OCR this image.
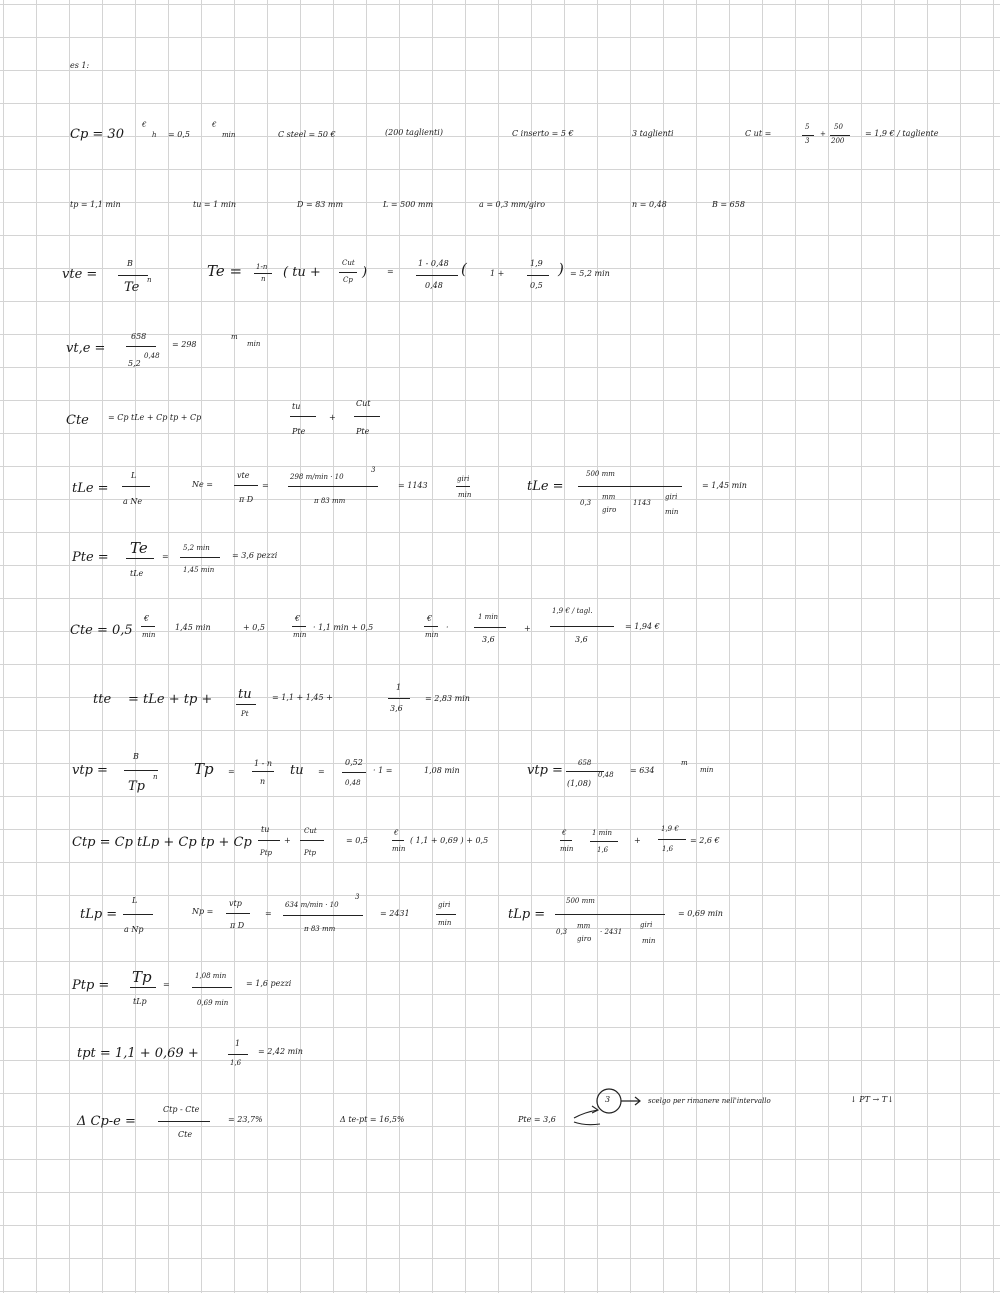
es 1:
Cp = 30
€
h = 0,5
€
min	C steel = 50 €	(200 taglienti)	C inserto = 5 €	3 taglienti	C ut =
5
3
+
50
200
= 1,9 € / tagliente
tp = 1,1 min	tu = 1 min	D = 83 mm	L = 500 mm	a = 0,3 mm/giro	n = 0,48	B = 658
vte =
B
Te n	Te = 1-n
n ( tu +
Cut
Cp ) =
1 - 0,48
0,48
(	1 +
1,9
0,5
) = 5,2 min
vt,e =
658
5,2
0,48
= 298
m
min
Cte = Cp tLe + Cp tp + Cp
tu
Pte
+
Cut
Pte
tLe =
L
a Ne
Ne =
vte
π D
=
298 m/min · 10
3
π 83 mm
= 1143
giri
min
tLe =
500 mm
0,3
mm
giro
1143
giri
min
= 1,45 min
Pte =
Te
tLe
=
5,2 min
1,45 min
= 3,6 pezzi
Cte = 0,5
€
min
1,45 min	+ 0,5
€
min
· 1,1 min + 0,5
€
min
·
1 min
3,6
+
1,9 € / tagl.
3,6
= 1,94 €
tte = tLe + tp + tu
Pt
= 1,1 + 1,45 +
1
3,6
= 2,83 min
vtp =
B
Tp
n Tp =
1 - n
n
tu =
0,52
0,48
· 1 =	1,08 min	vtp = 658
(1,08)
0,48 = 634
m
min
Ctp = Cp tLp + Cp tp + Cp
tu
Ptp
+
Cut
Ptp
= 0,5
€
min
( 1,1 + 0,69 ) + 0,5
€
min
1 min
1,6
+
1,9 €
1,6
= 2,6 €
tLp =
L
a Np
Np =
vtp
π D
=
634 m/min · 10
3
π 83 mm
= 2431
giri
min
tLp =
500 mm
0,3
mm
giro
· 2431
giri
min
= 0,69 min
Ptp = Tp
tLp
=
1,08 min
0,69 min
= 1,6 pezzi
tpt = 1,1 + 0,69 +
1
1,6
= 2,42 min
Δ Cp-e =
Ctp - Cte
Cte
= 23,7%	Δ te-pt = 16,5%	Pte = 3,6
3	scelgo per rimanere nell'intervallo	↓ PT → T↓
